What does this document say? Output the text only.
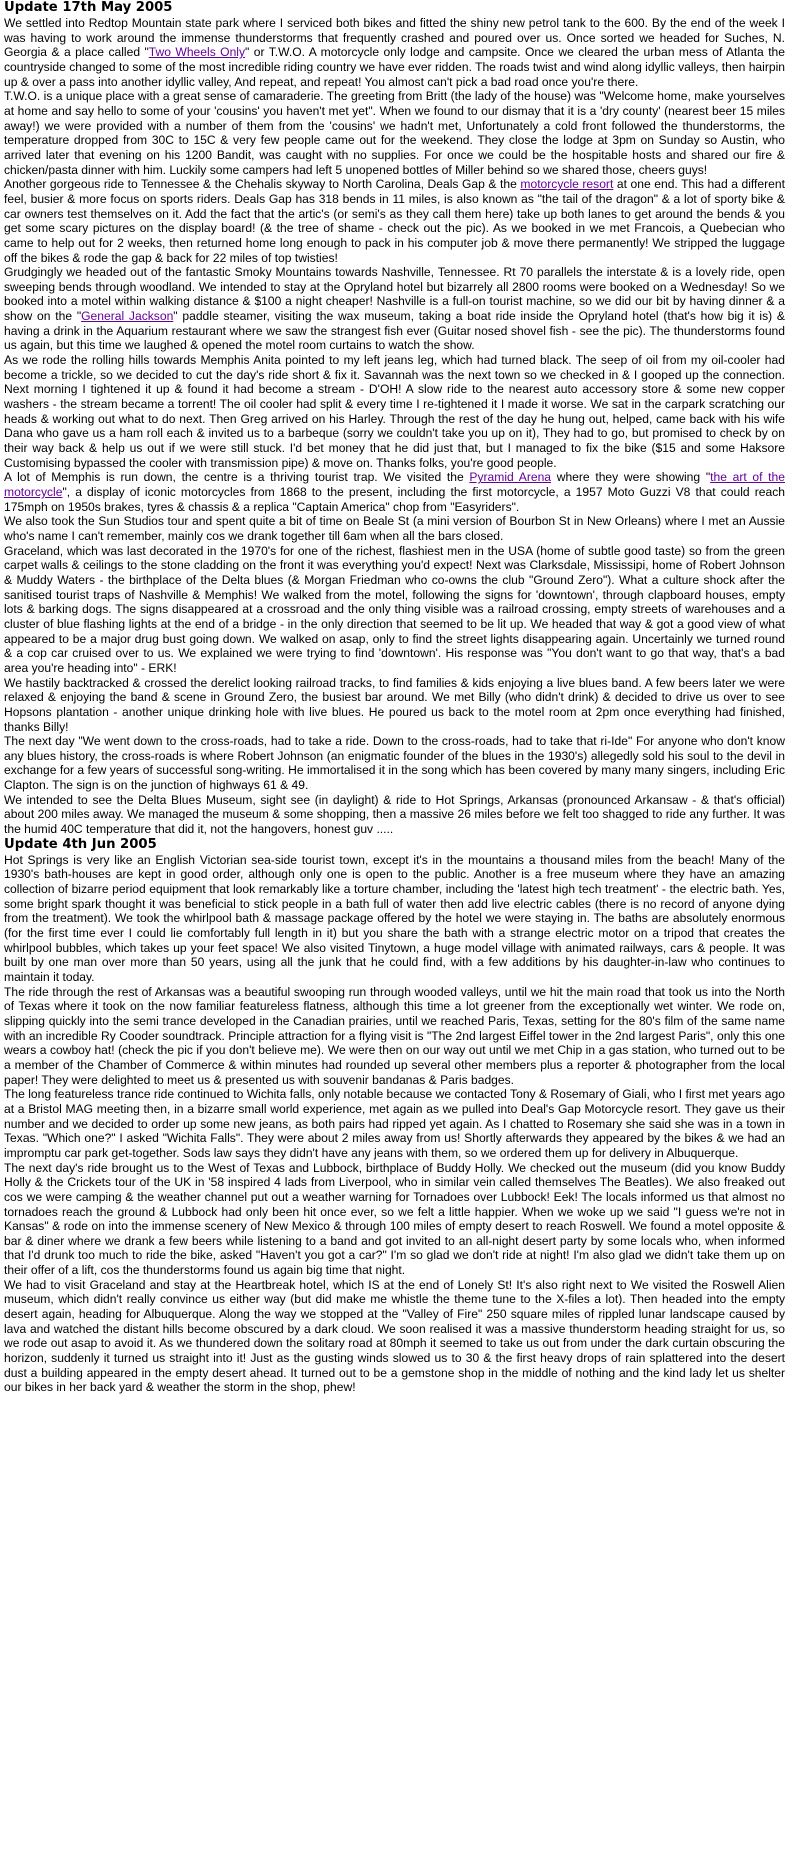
Update 17th May 2005

We settled into Redtop Mountain state park where I serviced both bikes and fitted the shiny new petrol tank to the 600. By the end of the week I was having to work around the immense thunderstorms that frequently crashed and poured over us. Once sorted we headed for Suches, N. Georgia & a place called "Two Wheels Only" or T.W.O. A motorcycle only lodge and campsite. Once we cleared the urban mess of Atlanta the countryside changed to some of the most incredible riding country we have ever ridden. The roads twist and wind along idyllic valleys, then hairpin up & over a pass into another idyllic valley, And repeat, and repeat! You almost can't pick a bad road once you're there.

T.W.O. is a unique place with a great sense of camaraderie. The greeting from Britt (the lady of the house) was "Welcome home, make yourselves at home and say hello to some of your 'cousins' you haven't met yet". When we found to our dismay that it is a 'dry county' (nearest beer 15 miles away!) we were provided with a number of them from the 'cousins' we hadn't met, Unfortunately a cold front followed the thunderstorms, the temperature dropped from 30C to 15C & very few people came out for the weekend. They close the lodge at 3pm on Sunday so Austin, who arrived later that evening on his 1200 Bandit, was caught with no supplies. For once we could be the hospitable hosts and shared our fire & chicken/pasta dinner with him. Luckily some campers had left 5 unopened bottles of Miller behind so we shared those, cheers guys!

Another gorgeous ride to Tennessee & the Chehalis skyway to North Carolina, Deals Gap & the motorcycle resort at one end. This had a different feel, busier & more focus on sports riders. Deals Gap has 318 bends in 11 miles, is also known as "the tail of the dragon" & a lot of sporty bike & car owners test themselves on it. Add the fact that the artic's (or semi's as they call them here) take up both lanes to get around the bends & you get some scary pictures on the display board! (& the tree of shame - check out the pic). As we booked in we met Francois, a Quebecian who came to help out for 2 weeks, then returned home long enough to pack in his computer job & move there permanently! We stripped the luggage off the bikes & rode the gap & back for 22 miles of top twisties!

Grudgingly we headed out of the fantastic Smoky Mountains towards Nashville, Tennessee. Rt 70 parallels the interstate & is a lovely ride, open sweeping bends through woodland. We intended to stay at the Opryland hotel but bizarrely all 2800 rooms were booked on a Wednesday! So we booked into a motel within walking distance & $100 a night cheaper! Nashville is a full-on tourist machine, so we did our bit by having dinner & a show on the "General Jackson" paddle steamer, visiting the wax museum, taking a boat ride inside the Opryland hotel (that's how big it is) & having a drink in the Aquarium restaurant where we saw the strangest fish ever (Guitar nosed shovel fish - see the pic). The thunderstorms found us again, but this time we laughed & opened the motel room curtains to watch the show.

As we rode the rolling hills towards Memphis Anita pointed to my left jeans leg, which had turned black. The seep of oil from my oil-cooler had become a trickle, so we decided to cut the day's ride short & fix it. Savannah was the next town so we checked in & I gooped up the connection. Next morning I tightened it up & found it had become a stream - D'OH! A slow ride to the nearest auto accessory store & some new copper washers - the stream became a torrent! The oil cooler had split & every time I re-tightened it I made it worse. We sat in the carpark scratching our heads & working out what to do next. Then Greg arrived on his Harley. Through the rest of the day he hung out, helped, came back with his wife Dana who gave us a ham roll each & invited us to a barbeque (sorry we couldn't take you up on it), They had to go, but promised to check by on their way back & help us out if we were still stuck. I'd bet money that he did just that, but I managed to fix the bike ($15 and some Haksore Customising bypassed the cooler with transmission pipe) & move on. Thanks folks, you're good people.

A lot of Memphis is run down, the centre is a thriving tourist trap. We visited the Pyramid Arena where they were showing "the art of the motorcycle", a display of iconic motorcycles from 1868 to the present, including the first motorcycle, a 1957 Moto Guzzi V8 that could reach 175mph on 1950s brakes, tyres & chassis & a replica "Captain America" chop from "Easyriders".

We also took the Sun Studios tour and spent quite a bit of time on Beale St (a mini version of Bourbon St in New Orleans) where I met an Aussie who's name I can't remember, mainly cos we drank together till 6am when all the bars closed.

Graceland, which was last decorated in the 1970's for one of the richest, flashiest men in the USA (home of subtle good taste) so from the green carpet walls & ceilings to the stone cladding on the front it was everything you'd expect! Next was Clarksdale, Mississipi, home of Robert Johnson & Muddy Waters - the birthplace of the Delta blues (& Morgan Friedman who co-owns the club "Ground Zero"). What a culture shock after the sanitised tourist traps of Nashville & Memphis! We walked from the motel, following the signs for 'downtown', through clapboard houses, empty lots & barking dogs. The signs disappeared at a crossroad and the only thing visible was a railroad crossing, empty streets of warehouses and a cluster of blue flashing lights at the end of a bridge - in the only direction that seemed to be lit up. We headed that way & got a good view of what appeared to be a major drug bust going down. We walked on asap, only to find the street lights disappearing again. Uncertainly we turned round & a cop car cruised over to us. We explained we were trying to find 'downtown'. His response was "You don't want to go that way, that's a bad area you're heading into" - ERK!

We hastily backtracked & crossed the derelict looking railroad tracks, to find families & kids enjoying a live blues band. A few beers later we were relaxed & enjoying the band & scene in Ground Zero, the busiest bar around. We met Billy (who didn't drink) & decided to drive us over to see Hopsons plantation - another unique drinking hole with live blues. He poured us back to the motel room at 2pm once everything had finished, thanks Billy!

The next day "We went down to the cross-roads, had to take a ride. Down to the cross-roads, had to take that ri-Ide" For anyone who don't know any blues history, the cross-roads is where Robert Johnson (an enigmatic founder of the blues in the 1930's) allegedly sold his soul to the devil in exchange for a few years of successful song-writing. He immortalised it in the song which has been covered by many many singers, including Eric Clapton. The sign is on the junction of highways 61 & 49.

We intended to see the Delta Blues Museum, sight see (in daylight) & ride to Hot Springs, Arkansas (pronounced Arkansaw - & that's official) about 200 miles away. We managed the museum & some shopping, then a massive 26 miles before we felt too shagged to ride any further. It was the humid 40C temperature that did it, not the hangovers, honest guv .....

Update 4th Jun 2005

Hot Springs is very like an English Victorian sea-side tourist town, except it's in the mountains a thousand miles from the beach! Many of the 1930's bath-houses are kept in good order, although only one is open to the public. Another is a free museum where they have an amazing collection of bizarre period equipment that look remarkably like a torture chamber, including the 'latest high tech treatment' - the electric bath. Yes, some bright spark thought it was beneficial to stick people in a bath full of water then add live electric cables (there is no record of anyone dying from the treatment). We took the whirlpool bath & massage package offered by the hotel we were staying in. The baths are absolutely enormous (for the first time ever I could lie comfortably full length in it) but you share the bath with a strange electric motor on a tripod that creates the whirlpool bubbles, which takes up your feet space! We also visited Tinytown, a huge model village with animated railways, cars & people. It was built by one man over more than 50 years, using all the junk that he could find, with a few additions by his daughter-in-law who continues to maintain it today.

The ride through the rest of Arkansas was a beautiful swooping run through wooded valleys, until we hit the main road that took us into the North of Texas where it took on the now familiar featureless flatness, although this time a lot greener from the exceptionally wet winter. We rode on, slipping quickly into the semi trance developed in the Canadian prairies, until we reached Paris, Texas, setting for the 80's film of the same name with an incredible Ry Cooder soundtrack. Principle attraction for a flying visit is "The 2nd largest Eiffel tower in the 2nd largest Paris", only this one wears a cowboy hat! (check the pic if you don't believe me). We were then on our way out until we met Chip in a gas station, who turned out to be a member of the Chamber of Commerce & within minutes had rounded up several other members plus a reporter & photographer from the local paper! They were delighted to meet us & presented us with souvenir bandanas & Paris badges.

The long featureless trance ride continued to Wichita falls, only notable because we contacted Tony & Rosemary of Giali, who I first met years ago at a Bristol MAG meeting then, in a bizarre small world experience, met again as we pulled into Deal's Gap Motorcycle resort. They gave us their number and we decided to order up some new jeans, as both pairs had ripped yet again. As I chatted to Rosemary she said she was in a town in Texas. "Which one?" I asked "Wichita Falls". They were about 2 miles away from us! Shortly afterwards they appeared by the bikes & we had an impromptu car park get-together. Sods law says they didn't have any jeans with them, so we ordered them up for delivery in Albuquerque.

The next day's ride brought us to the West of Texas and Lubbock, birthplace of Buddy Holly. We checked out the museum (did you know Buddy Holly & the Crickets tour of the UK in '58 inspired 4 lads from Liverpool, who in similar vein called themselves The Beatles). We also freaked out cos we were camping & the weather channel put out a weather warning for Tornadoes over Lubbock! Eek! The locals informed us that almost no tornadoes reach the ground & Lubbock had only been hit once ever, so we felt a little happier. When we woke up we said "I guess we're not in Kansas" & rode on into the immense scenery of New Mexico & through 100 miles of empty desert to reach Roswell. We found a motel opposite & bar & diner where we drank a few beers while listening to a band and got invited to an all-night desert party by some locals who, when informed that I'd drunk too much to ride the bike, asked "Haven't you got a car?" I'm so glad we don't ride at night! I'm also glad we didn't take them up on their offer of a lift, cos the thunderstorms found us again big time that night.

We had to visit Graceland and stay at the Heartbreak hotel, which IS at the end of Lonely St! It's also right next to We visited the Roswell Alien museum, which didn't really convince us either way (but did make me whistle the theme tune to the X-files a lot). Then headed into the empty desert again, heading for Albuquerque. Along the way we stopped at the "Valley of Fire" 250 square miles of rippled lunar landscape caused by lava and watched the distant hills become obscured by a dark cloud. We soon realised it was a massive thunderstorm heading straight for us, so we rode out asap to avoid it. As we thundered down the solitary road at 80mph it seemed to take us out from under the dark curtain obscuring the horizon, suddenly it turned us straight into it! Just as the gusting winds slowed us to 30 & the first heavy drops of rain splattered into the desert dust a building appeared in the empty desert ahead. It turned out to be a gemstone shop in the middle of nothing and the kind lady let us shelter our bikes in her back yard & weather the storm in the shop, phew!
